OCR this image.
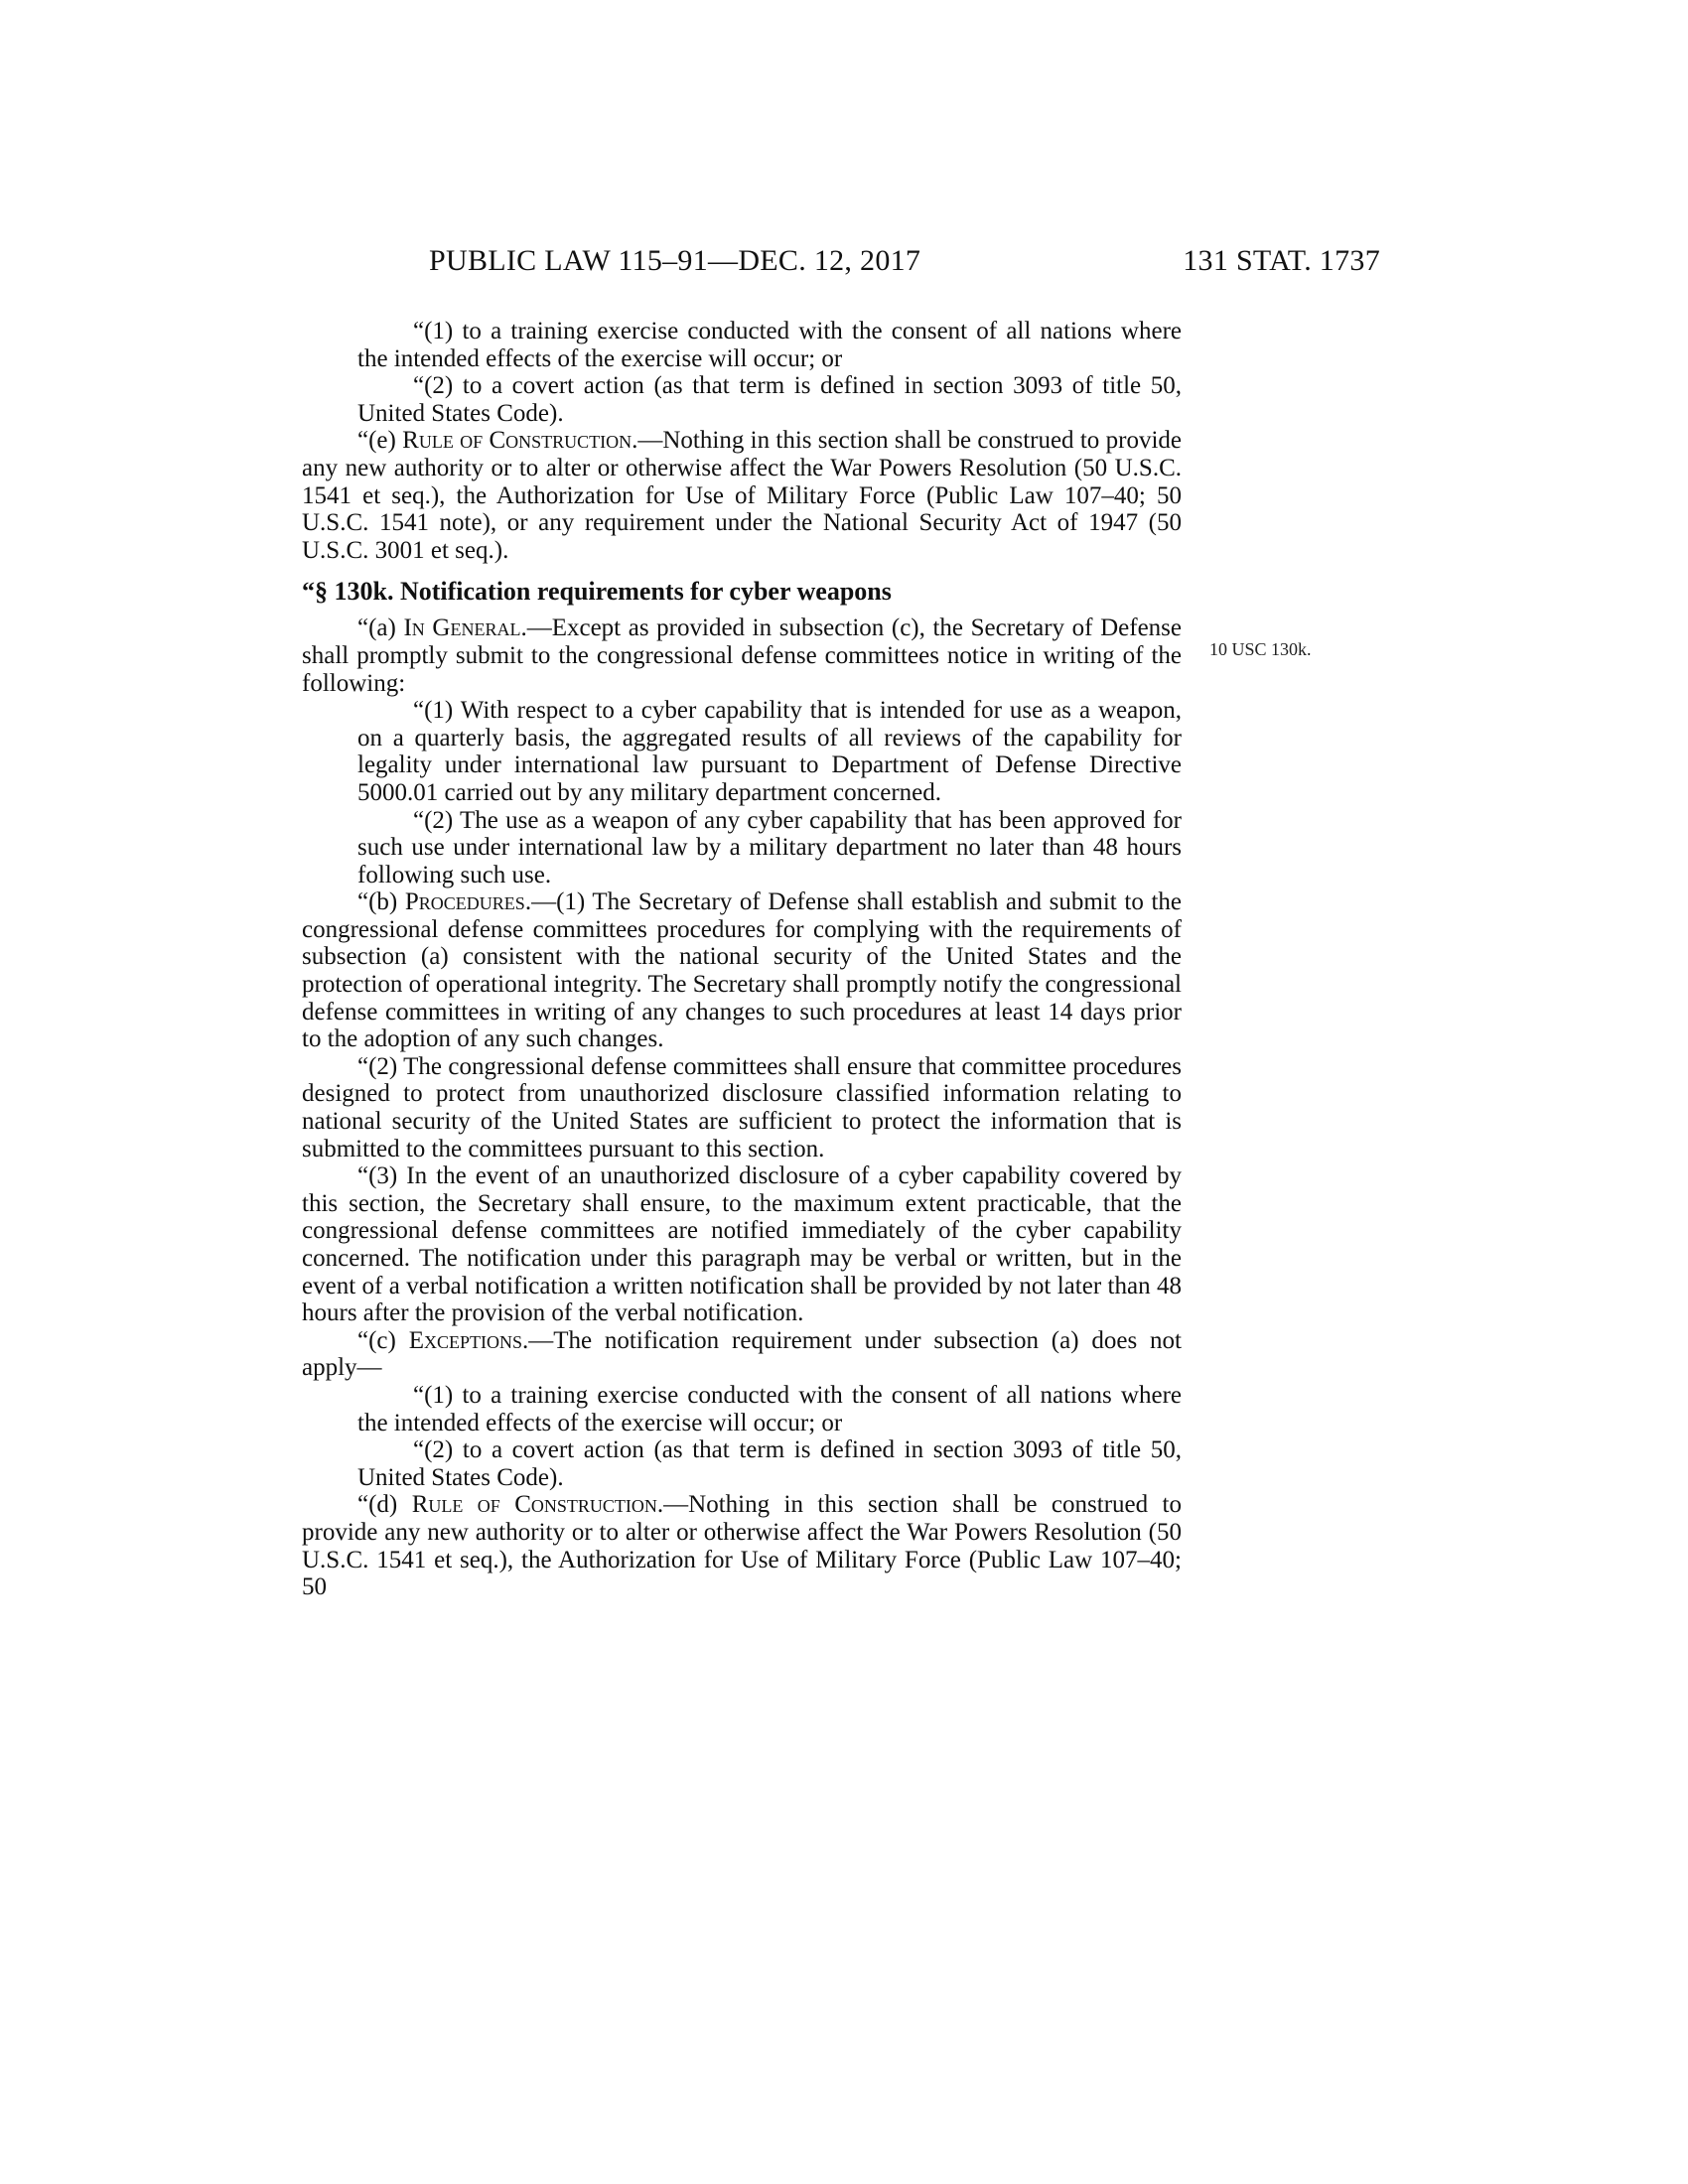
PUBLIC LAW 115–91—DEC. 12, 2017	131 STAT. 1737
10 USC 130k.

“(1) to a training exercise conducted with the consent of all nations where the intended effects of the exercise will occur; or

“(2) to a covert action (as that term is defined in section 3093 of title 50, United States Code).

“(e) Rule of Construction.—Nothing in this section shall be construed to provide any new authority or to alter or otherwise affect the War Powers Resolution (50 U.S.C. 1541 et seq.), the Authorization for Use of Military Force (Public Law 107–40; 50 U.S.C. 1541 note), or any requirement under the National Security Act of 1947 (50 U.S.C. 3001 et seq.).

“§ 130k. Notification requirements for cyber weapons

“(a) In General.—Except as provided in subsection (c), the Secretary of Defense shall promptly submit to the congressional defense committees notice in writing of the following:

“(1) With respect to a cyber capability that is intended for use as a weapon, on a quarterly basis, the aggregated results of all reviews of the capability for legality under international law pursuant to Department of Defense Directive 5000.01 carried out by any military department concerned.

“(2) The use as a weapon of any cyber capability that has been approved for such use under international law by a military department no later than 48 hours following such use.

“(b) Procedures.—(1) The Secretary of Defense shall establish and submit to the congressional defense committees procedures for complying with the requirements of subsection (a) consistent with the national security of the United States and the protection of operational integrity. The Secretary shall promptly notify the congressional defense committees in writing of any changes to such procedures at least 14 days prior to the adoption of any such changes.

“(2) The congressional defense committees shall ensure that committee procedures designed to protect from unauthorized disclosure classified information relating to national security of the United States are sufficient to protect the information that is submitted to the committees pursuant to this section.

“(3) In the event of an unauthorized disclosure of a cyber capability covered by this section, the Secretary shall ensure, to the maximum extent practicable, that the congressional defense committees are notified immediately of the cyber capability concerned. The notification under this paragraph may be verbal or written, but in the event of a verbal notification a written notification shall be provided by not later than 48 hours after the provision of the verbal notification.

“(c) Exceptions.—The notification requirement under subsection (a) does not apply—

“(1) to a training exercise conducted with the consent of all nations where the intended effects of the exercise will occur; or

“(2) to a covert action (as that term is defined in section 3093 of title 50, United States Code).

“(d) Rule of Construction.—Nothing in this section shall be construed to provide any new authority or to alter or otherwise affect the War Powers Resolution (50 U.S.C. 1541 et seq.), the Authorization for Use of Military Force (Public Law 107–40; 50
